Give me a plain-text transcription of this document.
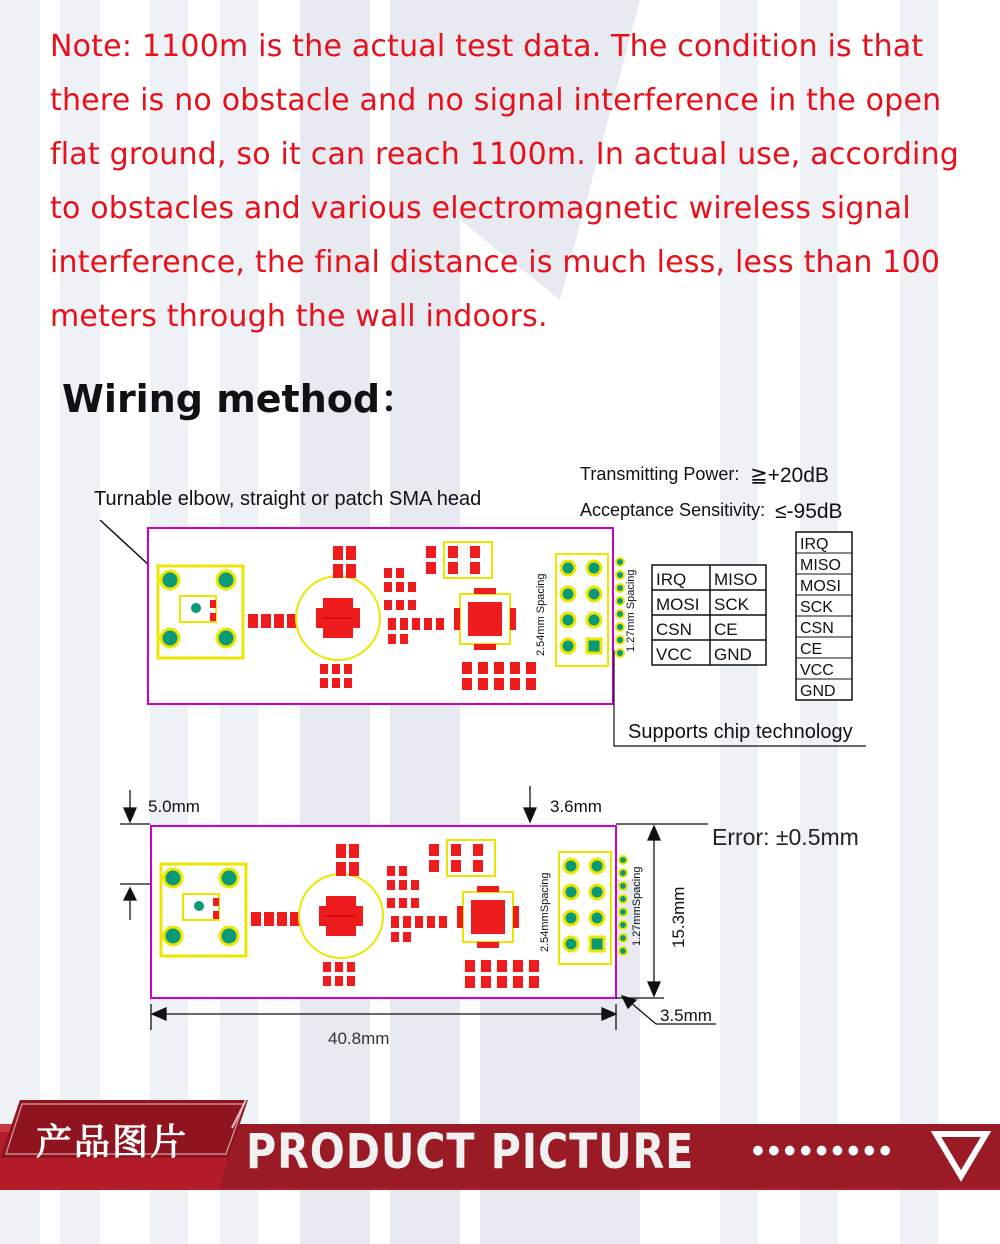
Note: 1100m is the actual test data. The condition is that there is no obstacle and no signal interference in the open flat ground, so it can reach 1100m. In actual use, according to obstacles and various electromagnetic wireless signal interference, the final distance is much less, less than 100 meters through the wall indoors.
Wiring method：
Turnable elbow, straight or patch SMA head
Transmitting Power: ≧+20dB
Acceptance Sensitivity: ≤-95dB
2.54mm Spacing	1.27mm Spacing IRQ MISO
MOSI SCK
CSN CE
VCC GND
IRQ
MISO
MOSI
SCK
CSN
CE
VCC
GND
Supports chip technology
2.54mmSpacing	1.27mmSpacing
5.0mm	3.6mm
Error: ±0.5mm
15.3mm
40.8mm
3.5mm
产品图片 PRODUCT PICTURE •••••••••
